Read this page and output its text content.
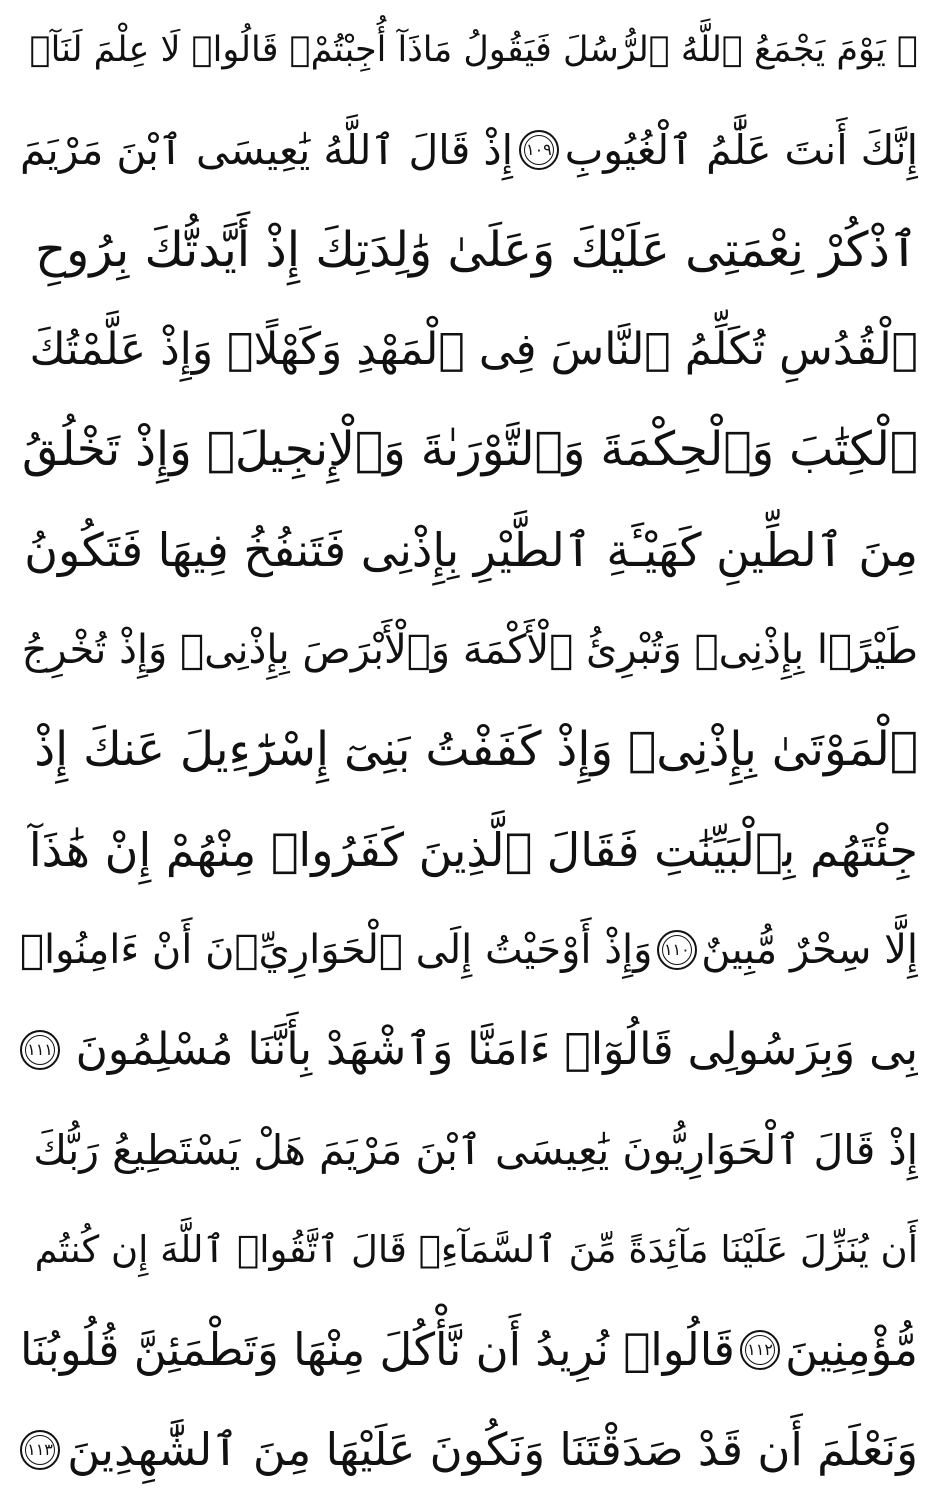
۞ يَوْمَ يَجْمَعُ ٱللَّهُ ٱلرُّسُلَ فَيَقُولُ مَاذَآ أُجِبْتُمْۖ قَالُوا۟ لَا عِلْمَ لَنَآۖ
إِنَّكَ أَنتَ عَلَّٰمُ ٱلْغُيُوبِ
١٠٩
إِذْ قَالَ ٱللَّهُ يَٰعِيسَى ٱبْنَ مَرْيَمَ
ٱذْكُرْ نِعْمَتِى عَلَيْكَ وَعَلَىٰ وَٰلِدَتِكَ إِذْ أَيَّدتُّكَ بِرُوحِ
ٱلْقُدُسِ تُكَلِّمُ ٱلنَّاسَ فِى ٱلْمَهْدِ وَكَهْلًاۖ وَإِذْ عَلَّمْتُكَ
ٱلْكِتَٰبَ وَٱلْحِكْمَةَ وَٱلتَّوْرَىٰةَ وَٱلْإِنجِيلَۖ وَإِذْ تَخْلُقُ
مِنَ ٱلطِّينِ كَهَيْـَٔةِ ٱلطَّيْرِ بِإِذْنِى فَتَنفُخُ فِيهَا فَتَكُونُ
طَيْرًۢا بِإِذْنِىۖ وَتُبْرِئُ ٱلْأَكْمَهَ وَٱلْأَبْرَصَ بِإِذْنِىۖ وَإِذْ تُخْرِجُ
ٱلْمَوْتَىٰ بِإِذْنِىۖ وَإِذْ كَفَفْتُ بَنِىٓ إِسْرَٰٓءِيلَ عَنكَ إِذْ
جِئْتَهُم بِٱلْبَيِّنَٰتِ فَقَالَ ٱلَّذِينَ كَفَرُوا۟ مِنْهُمْ إِنْ هَٰذَآ
إِلَّا سِحْرٌ مُّبِينٌ
١١٠
وَإِذْ أَوْحَيْتُ إِلَى ٱلْحَوَارِيِّۦنَ أَنْ ءَامِنُوا۟
بِى وَبِرَسُولِى قَالُوٓا۟ ءَامَنَّا وَٱشْهَدْ بِأَنَّنَا مُسْلِمُونَ
١١١
إِذْ قَالَ ٱلْحَوَارِيُّونَ يَٰعِيسَى ٱبْنَ مَرْيَمَ هَلْ يَسْتَطِيعُ رَبُّكَ
أَن يُنَزِّلَ عَلَيْنَا مَآئِدَةً مِّنَ ٱلسَّمَآءِۖ قَالَ ٱتَّقُوا۟ ٱللَّهَ إِن كُنتُم
مُّؤْمِنِينَ
١١٢
قَالُوا۟ نُرِيدُ أَن نَّأْكُلَ مِنْهَا وَتَطْمَئِنَّ قُلُوبُنَا
وَنَعْلَمَ أَن قَدْ صَدَقْتَنَا وَنَكُونَ عَلَيْهَا مِنَ ٱلشَّٰهِدِينَ
١١٣
